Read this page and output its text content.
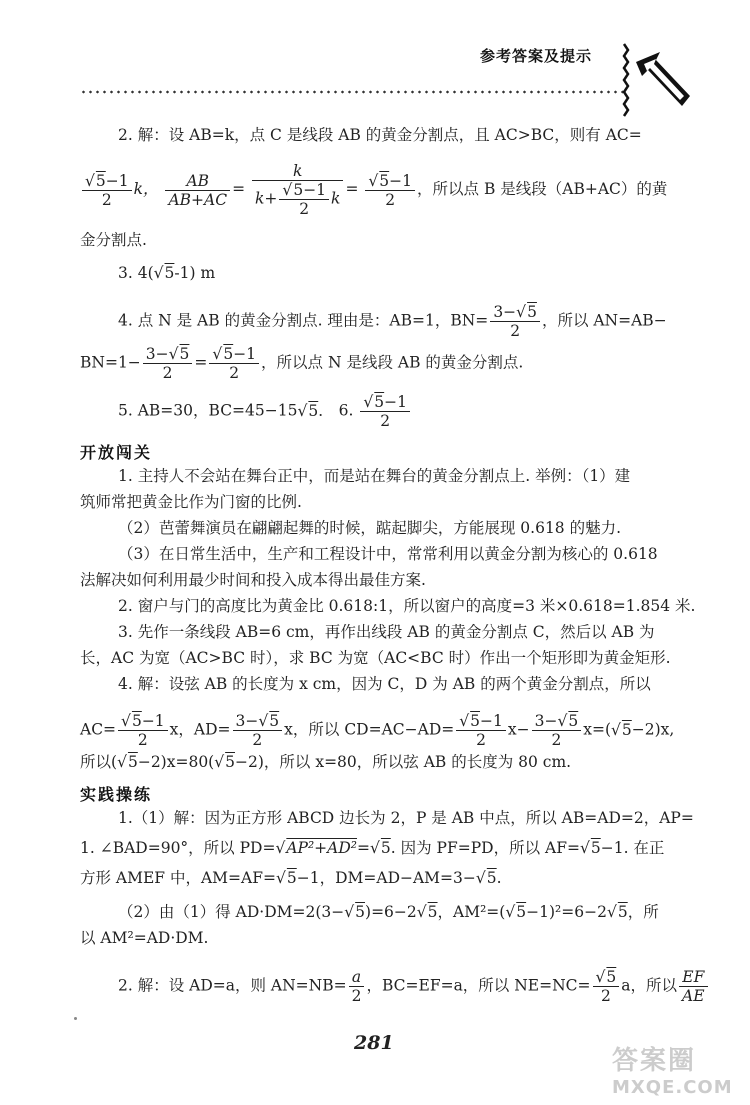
参考答案及提示
2. 解：设 AB=k，点 C 是线段 AB 的黄金分割点，且 AC>BC，则有 AC=
$\frac{√5-1}{2}$ k， $\frac{AB}{AB+AC} = \frac{k}{k+ \frac{√5-1}{2} k} = \frac{√5-1}{2}$ ，所以点 B 是线段（AB+AC）的黄
金分割点.
3. 4(√5-1) m
4. 点 N 是 AB 的黄金分割点. 理由是：AB=1，$BN= \frac{3-√5}{2}$ ，所以 AN=AB−
$BN=1- \frac{3-√5}{2} = \frac{√5-1}{2}$ ，所以点 N 是线段 AB 的黄金分割点.
5. AB=30，BC=45−15√5． 6. $\frac{√5-1}{2}$
开放闯关
1. 主持人不会站在舞台正中，而是站在舞台的黄金分割点上. 举例：（1）建
筑师常把黄金比作为门窗的比例.
（2）芭蕾舞演员在翩翩起舞的时候，踮起脚尖，方能展现 0.618 的魅力.
（3）在日常生活中，生产和工程设计中，常常利用以黄金分割为核心的 0.618
法解决如何利用最少时间和投入成本得出最佳方案.
2. 窗户与门的高度比为黄金比 0.618:1，所以窗户的高度=3 米×0.618=1.854 米.
3. 先作一条线段 AB=6 cm，再作出线段 AB 的黄金分割点 C，然后以 AB 为
长，AC 为宽（AC>BC 时），求 BC 为宽（AC<BC 时）作出一个矩形即为黄金矩形.
4. 解：设弦 AB 的长度为 x cm，因为 C，D 为 AB 的两个黄金分割点，所以
$AC= \frac{√5-1}{2}$ x，$AD= \frac{3-√5}{2}$ x，所以 $CD=AC-AD= \frac{√5-1}{2} x- \frac{3-√5}{2} x=(√5-2)x$,
所以(√5−2)x=80(√5−2)，所以 x=80，所以弦 AB 的长度为 80 cm.
实践操练
1.（1）解：因为正方形 ABCD 边长为 2，P 是 AB 中点，所以 AB=AD=2，AP=
1. ∠BAD=90°，所以 PD=√AP²+AD²=√5. 因为 PF=PD，所以 AF=√5−1. 在正
方形 AMEF 中，AM=AF=√5−1，DM=AD−AM=3−√5.
（2）由（1）得 AD·DM=2(3−√5)=6−2√5，AM²=(√5−1)²=6−2√5，所
以 AM²=AD·DM.
2. 解：设 AD=a，则 $AN=NB= \frac{a}{2}$ ，BC=EF=a，所以 $NE=NC= \frac{√5}{2}$ a，所以 $\frac{EF}{AE}$
281
答案圈
MXQE.COM
